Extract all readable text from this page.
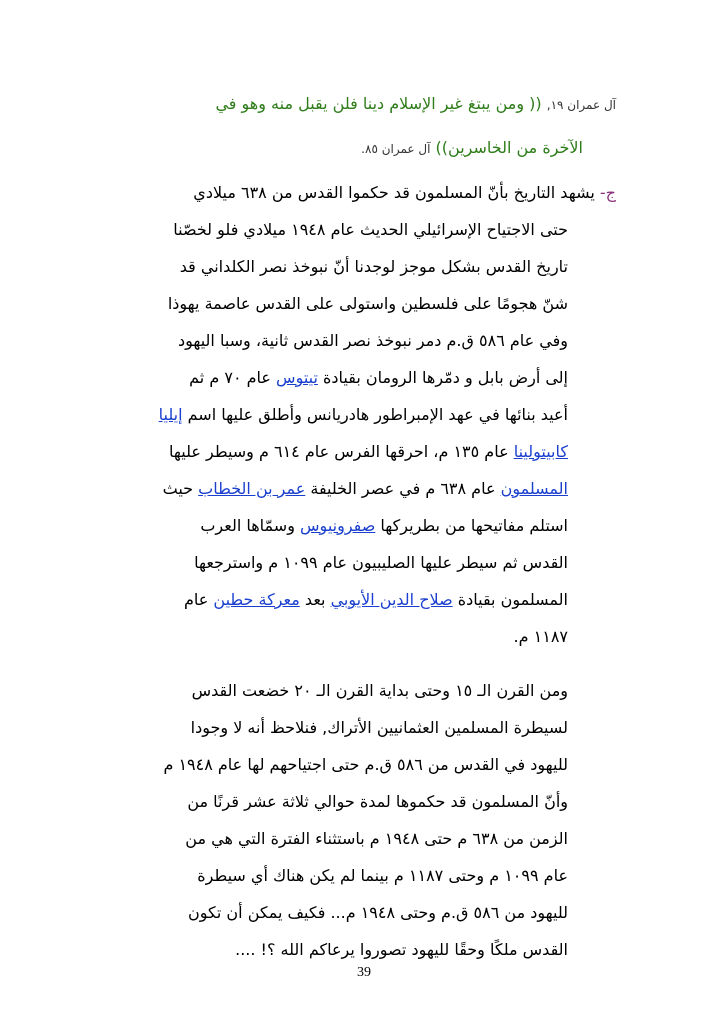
آل عمران ١٩, (( ومن يبتغ غير الإسلام دينا فلن يقبل منه وهو في
الآخرة من الخاسرين)) آل عمران ٨٥.
ج- يشهد التاريخ بأنّ المسلمون قد حكموا القدس من ٦٣٨ ميلادي
حتى الاجتياح الإسرائيلي الحديث عام ١٩٤٨ ميلادي فلو لخصّنا
تاريخ القدس بشكل موجز لوجدنا أنّ نبوخذ نصر الكلداني قد
شنّ هجومًا على فلسطين واستولى على القدس عاصمة يهوذا
وفي عام ٥٨٦ ق.م دمر نبوخذ نصر القدس ثانية، وسبا اليهود
إلى أرض بابل و دمّرها الرومان بقيادة تيتوس عام ٧٠ م ثم
أعيد بنائها في عهد الإمبراطور هادريانس وأطلق عليها اسم إيليا
كابيتولينا عام ١٣٥ م، احرقها الفرس عام ٦١٤ م وسيطر عليها
المسلمون عام ٦٣٨ م في عصر الخليفة عمر بن الخطاب حيث
استلم مفاتيحها من بطريركها صفرونيوس وسمّاها العرب
القدس ثم سيطر عليها الصليبيون عام ١٠٩٩ م واسترجعها
المسلمون بقيادة صلاح الدين الأيوبي بعد معركة حطين عام
١١٨٧ م.
ومن القرن الـ ١٥ وحتى بداية القرن الـ ٢٠ خضعت القدس
لسيطرة المسلمين العثمانيين الأتراك, فنلاحظ أنه لا وجودا
لليهود في القدس من ٥٨٦ ق.م حتى اجتياحهم لها عام ١٩٤٨ م
وأنّ المسلمون قد حكموها لمدة حوالي ثلاثة عشر قرنًا من
الزمن من ٦٣٨ م حتى ١٩٤٨ م باستثناء الفترة التي هي من
عام ١٠٩٩ م وحتى ١١٨٧ م بينما لم يكن هناك أي سيطرة
لليهود من ٥٨٦ ق.م وحتى ١٩٤٨ م... فكيف يمكن أن تكون
القدس ملكًا وحقًا لليهود تصوروا يرعاكم الله ؟! ....
39
